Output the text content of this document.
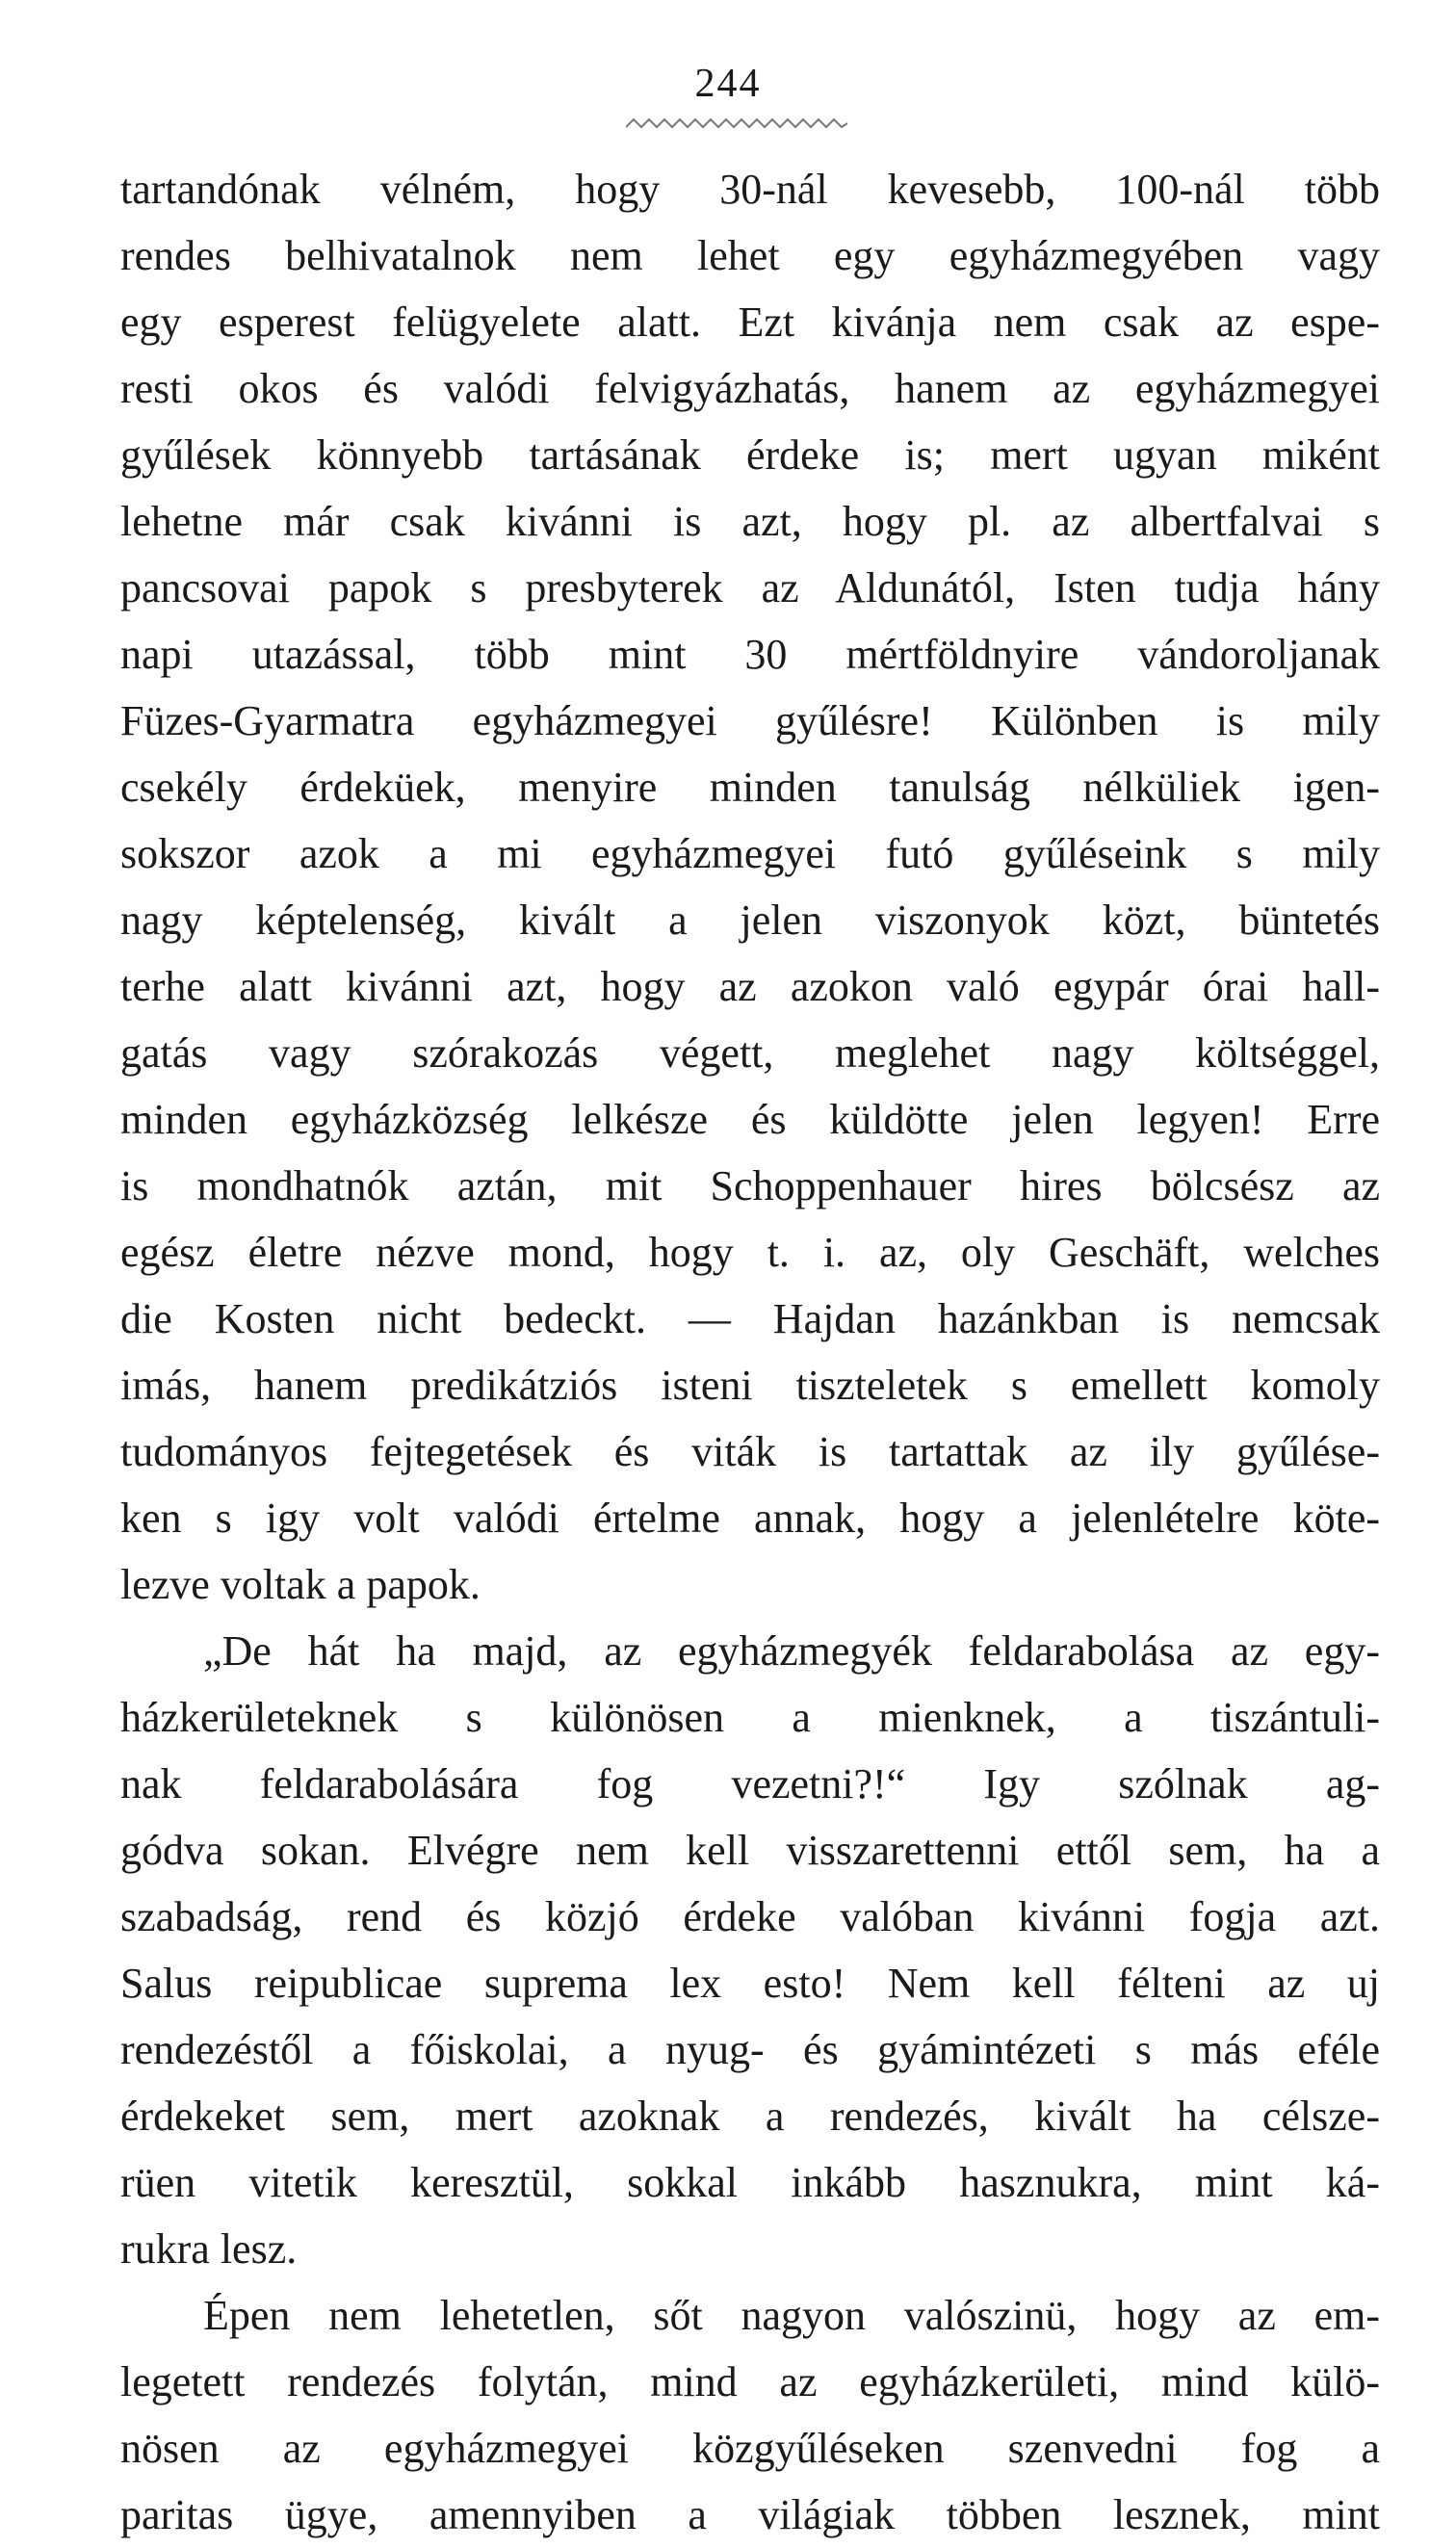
244
tartandónak vélném, hogy 30-nál kevesebb, 100-nál több
rendes belhivatalnok nem lehet egy egyházmegyében vagy
egy esperest felügyelete alatt. Ezt kivánja nem csak az espe-
resti okos és valódi felvigyázhatás, hanem az egyházmegyei
gyűlések könnyebb tartásának érdeke is; mert ugyan miként
lehetne már csak kivánni is azt, hogy pl. az albertfalvai s
pancsovai papok s presbyterek az Aldunától, Isten tudja hány
napi utazással, több mint 30 mértföldnyire vándoroljanak
Füzes-Gyarmatra egyházmegyei gyűlésre! Különben is mily
csekély érdeküek, menyire minden tanulság nélküliek igen-
sokszor azok a mi egyházmegyei futó gyűléseink s mily
nagy képtelenség, kivált a jelen viszonyok közt, büntetés
terhe alatt kivánni azt, hogy az azokon való egypár órai hall-
gatás vagy szórakozás végett, meglehet nagy költséggel,
minden egyházközség lelkésze és küldötte jelen legyen! Erre
is mondhatnók aztán, mit Schoppenhauer hires bölcsész az
egész életre nézve mond, hogy t. i. az, oly Geschäft, welches
die Kosten nicht bedeckt. — Hajdan hazánkban is nemcsak
imás, hanem predikátziós isteni tiszteletek s emellett komoly
tudományos fejtegetések és viták is tartattak az ily gyűlése-
ken s igy volt valódi értelme annak, hogy a jelenlételre köte-
lezve voltak a papok.
„De hát ha majd, az egyházmegyék feldarabolása az egy-
házkerületeknek s különösen a mienknek, a tiszántuli-
nak feldarabolására fog vezetni?!“ Igy szólnak ag-
gódva sokan. Elvégre nem kell visszarettenni ettől sem, ha a
szabadság, rend és közjó érdeke valóban kivánni fogja azt.
Salus reipublicae suprema lex esto! Nem kell félteni az uj
rendezéstől a főiskolai, a nyug- és gyámintézeti s más eféle
érdekeket sem, mert azoknak a rendezés, kivált ha célsze-
rüen vitetik keresztül, sokkal inkább hasznukra, mint ká-
rukra lesz.
Épen nem lehetetlen, sőt nagyon valószinü, hogy az em-
legetett rendezés folytán, mind az egyházkerületi, mind külö-
nösen az egyházmegyei közgyűléseken szenvedni fog a
paritas ügye, amennyiben a világiak többen lesznek, mint
